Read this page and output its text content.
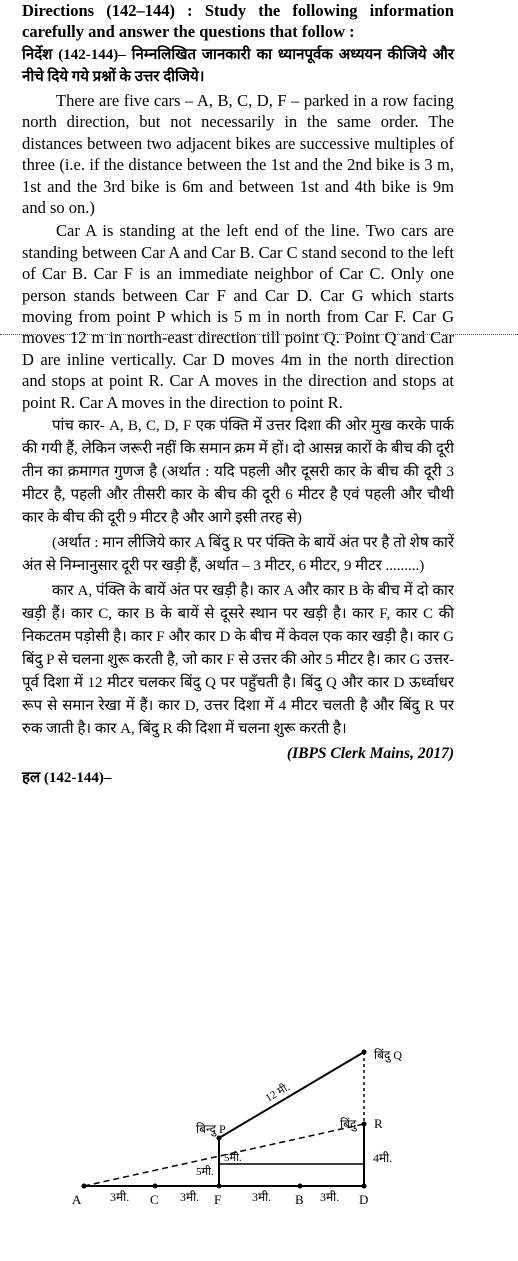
Directions (142–144) : Study the following information carefully and answer the questions that follow :

निर्देश (142-144)– निम्नलिखित जानकारी का ध्यानपूर्वक अध्ययन कीजिये और नीचे दिये गये प्रश्नों के उत्तर दीजिये।

There are five cars – A, B, C, D, F – parked in a row facing north direction, but not necessarily in the same order. The distances between two adjacent bikes are successive multiples of three (i.e. if the distance between the 1st and the 2nd bike is 3 m, 1st and the 3rd bike is 6m and between 1st and 4th bike is 9m and so on.)

Car A is standing at the left end of the line. Two cars are standing between Car A and Car B. Car C stand second to the left of Car B. Car F is an immediate neighbor of Car C. Only one person stands between Car F and Car D. Car G which starts moving from point P which is 5 m in north from Car F. Car G moves 12 m in north-east direction till point Q. Point Q and Car D are inline vertically. Car D moves 4m in the north direction and stops at point R. Car A moves in the direction and stops at point R. Car A moves in the direction to point R.

पांच कार- A, B, C, D, F एक पंक्ति में उत्तर दिशा की ओर मुख करके पार्क की गयी हैं, लेकिन जरूरी नहीं कि समान क्रम में हों। दो आसन्न कारों के बीच की दूरी तीन का क्रमागत गुणज है (अर्थात : यदि पहली और दूसरी कार के बीच की दूरी 3 मीटर है, पहली और तीसरी कार के बीच की दूरी 6 मीटर है एवं पहली और चौथी कार के बीच की दूरी 9 मीटर है और आगे इसी तरह से)

(अर्थात : मान लीजिये कार A बिंदु R पर पंक्ति के बायें अंत पर है तो शेष कारें अंत से निम्नानुसार दूरी पर खड़ी हैं, अर्थात – 3 मीटर, 6 मीटर, 9 मीटर .........)

कार A, पंक्ति के बायें अंत पर खड़ी है। कार A और कार B के बीच में दो कार खड़ी हैं। कार C, कार B के बायें से दूसरे स्थान पर खड़ी है। कार F, कार C की निकटतम पड़ोसी है। कार F और कार D के बीच में केवल एक कार खड़ी है। कार G बिंदु P से चलना शुरू करती है, जो कार F से उत्तर की ओर 5 मीटर है। कार G उत्तर-पूर्व दिशा में 12 मीटर चलकर बिंदु Q पर पहुँचती है। बिंदु Q और कार D ऊर्ध्वाधर रूप से समान रेखा में हैं। कार D, उत्तर दिशा में 4 मीटर चलती है और बिंदु R पर रुक जाती है। कार A, बिंदु R की दिशा में चलना शुरू करती है।

(IBPS Clerk Mains, 2017)

हल (142-144)–

A	C	F	B	D
3मी.	3मी.	3मी.	3मी.
बिन्दु P
बिंदु Q
बिंदु R
12 मी.
4मी.
5मी.
5मी.
